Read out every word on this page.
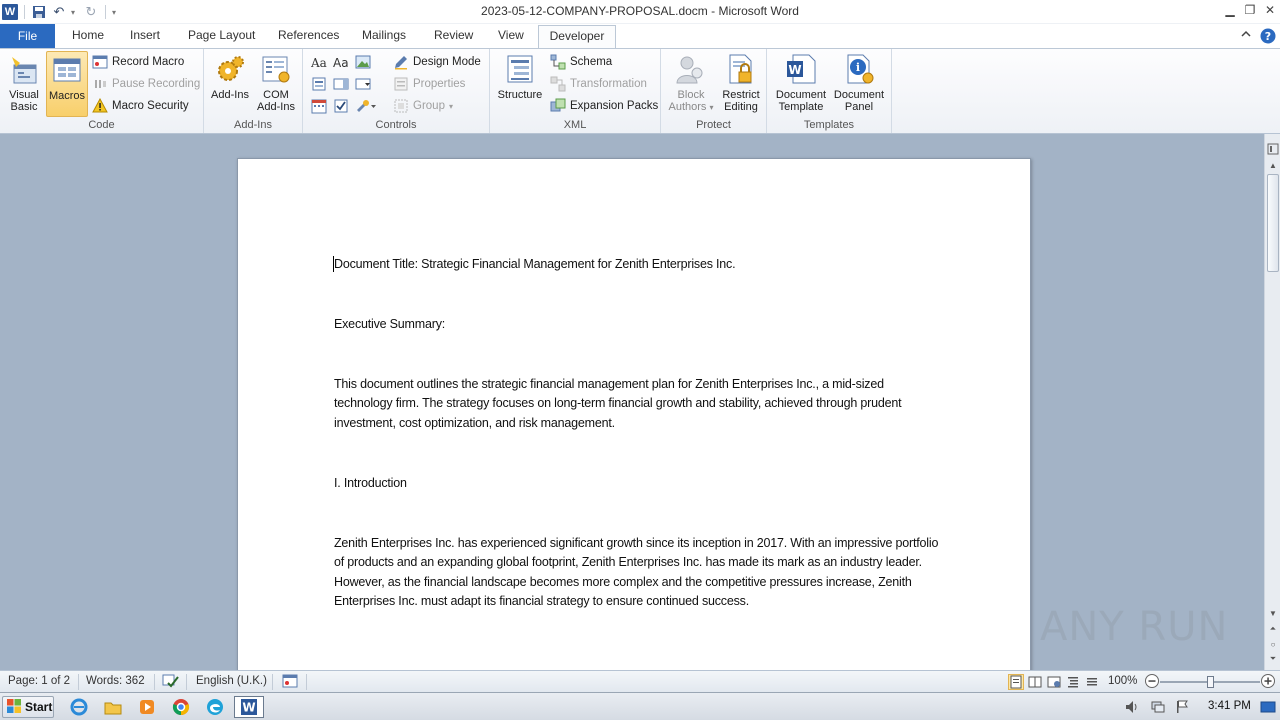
W	↶ ▾ ↻	▾	2023-05-12-COMPANY-PROPOSAL.docm - Microsoft Word	▁ ❐ ✕
File	Home	Insert	Page Layout	References	Mailings	Review	View	Developer	?
Visual
Basic
Macros
Record Macro
Pause Recording
Macro Security
Code
Add-Ins	COM
Add-Ins
Add-Ins
Aa Aa	Design Mode
Properties
Group ▾
Controls
Structure
Schema
Transformation
Expansion Packs
XML
Block
Authors ▾
Restrict
Editing
Protect
W
Document
Template
i
Document
Panel
Templates

Document Title: Strategic Financial Management for Zenith Enterprises Inc.

Executive Summary:

This document outlines the strategic financial management plan for Zenith Enterprises Inc., a mid-sized technology firm. The strategy focuses on long-term financial growth and stability, achieved through prudent investment, cost optimization, and risk management.

I. Introduction

Zenith Enterprises Inc. has experienced significant growth since its inception in 2017. With an impressive portfolio of products and an expanding global footprint, Zenith Enterprises Inc. has made its mark as an industry leader. However, as the financial landscape becomes more complex and the competitive pressures increase, Zenith Enterprises Inc. must adapt its financial strategy to ensure continued success.

▲
▼
⏶
○
⏷
ANY RUN
Page: 1 of 2 Words: 362	English (U.K.)	100%
Start	W	3:41 PM
